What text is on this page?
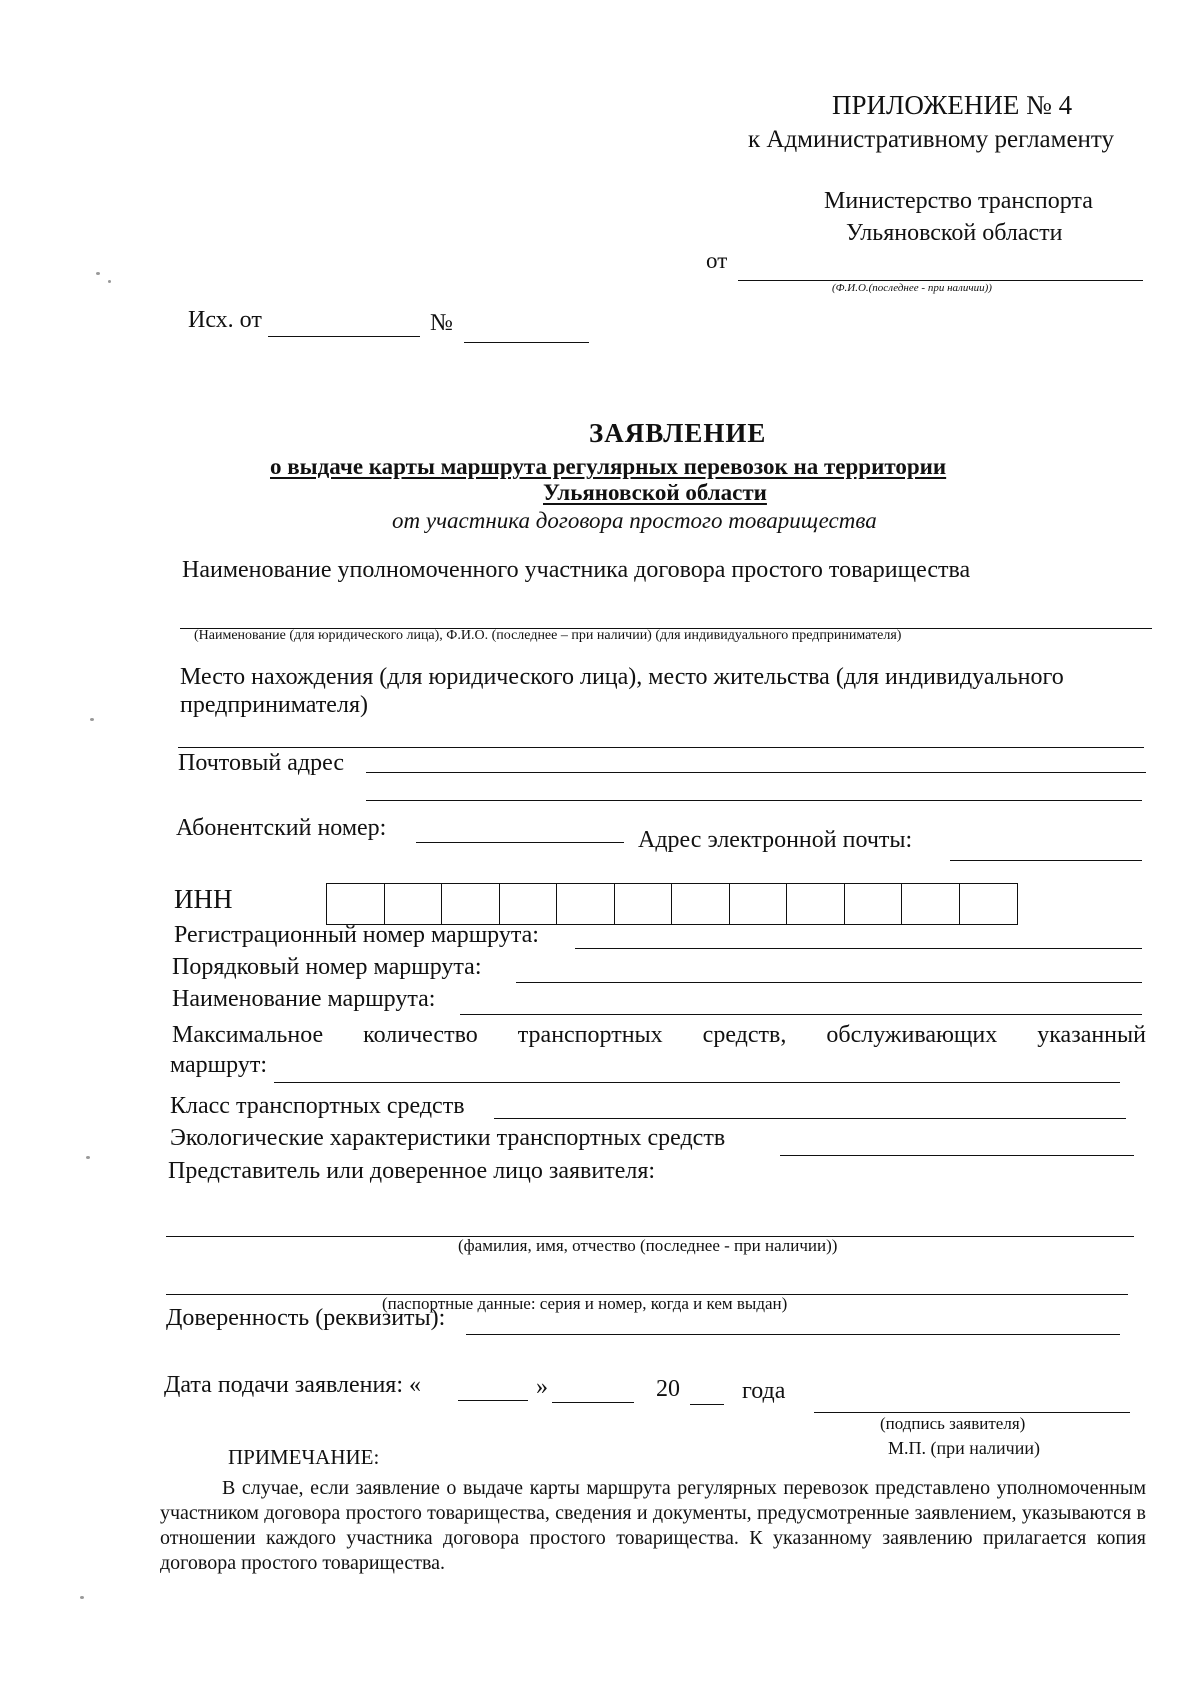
ПРИЛОЖЕНИЕ № 4
к Административному регламенту
Министерство транспорта
Ульяновской области
от
(Ф.И.О.(последнее - при наличии))
Исх. от	№
ЗАЯВЛЕНИЕ
о выдаче карты маршрута регулярных перевозок на территории
Ульяновской области
от участника договора простого товарищества
Наименование уполномоченного участника договора простого товарищества
(Наименование (для юридического лица), Ф.И.О. (последнее – при наличии) (для индивидуального предпринимателя)
Место нахождения (для юридического лица), место жительства (для индивидуального
предпринимателя)
Почтовый адрес
Абонентский номер:	Адрес электронной почты:
ИНН
Регистрационный номер маршрута:
Порядковый номер маршрута:
Наименование маршрута:
Максимальное количество транспортных средств, обслуживающих указанный
маршрут:
Класс транспортных средств
Экологические характеристики транспортных средств
Представитель или доверенное лицо заявителя:
(фамилия, имя, отчество (последнее - при наличии))
(паспортные данные: серия и номер, когда и кем выдан)
Доверенность (реквизиты):
Дата подачи заявления: «	»	20	года
(подпись заявителя)
М.П. (при наличии)
ПРИМЕЧАНИЕ:
В случае, если заявление о выдаче карты маршрута регулярных перевозок представлено уполномоченным участником договора простого товарищества, сведения и документы, предусмотренные заявлением, указываются в отношении каждого участника договора простого товарищества. К указанному заявлению прилагается копия договора простого товарищества.
